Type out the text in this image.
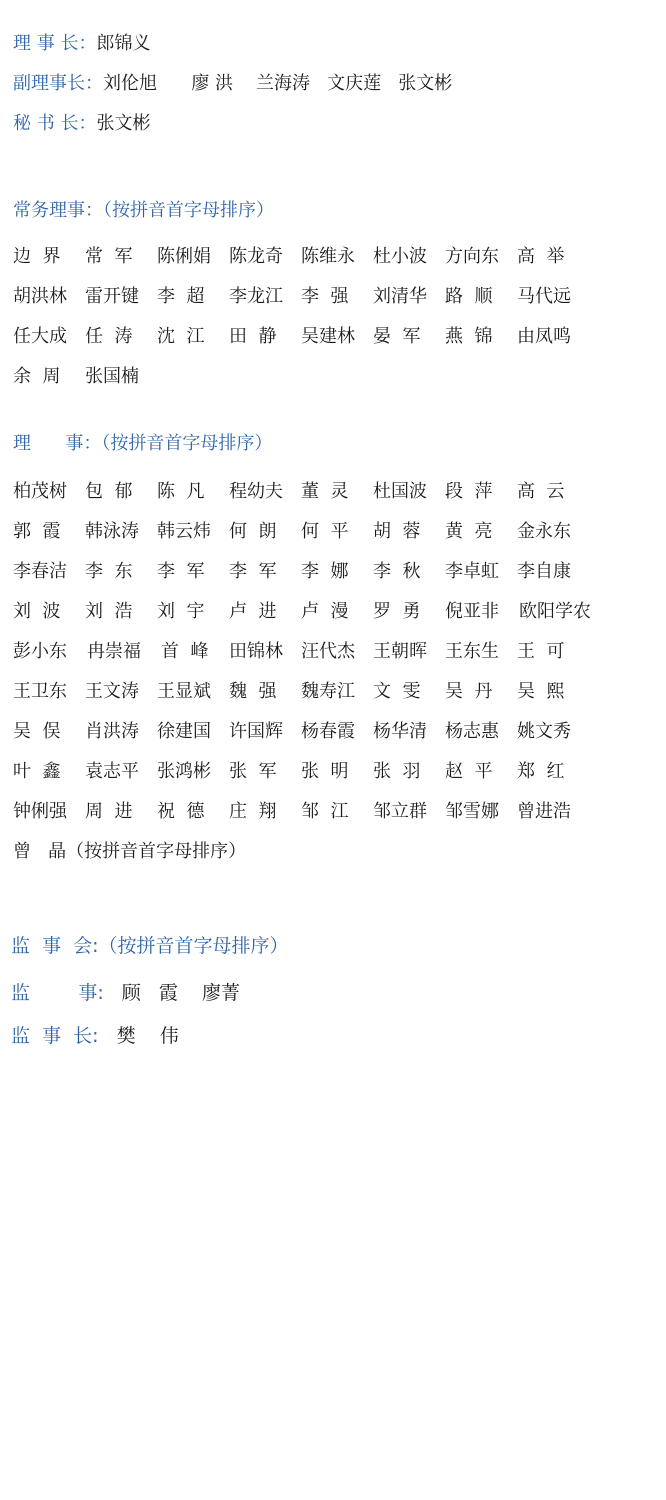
理 事 长：郎锦义
副理事长：刘伦旭      廖 洪    兰海涛   文庆莲   张文彬
秘 书 长：张文彬
常务理事：（按拼音首字母排序）
边  界 常  军 陈俐娟 陈龙奇 陈维永 杜小波 方向东 高  举
胡洪林 雷开键 李  超 李龙江 李  强 刘清华 路  顺 马代远
任大成 任  涛 沈  江 田  静 吴建林 晏  军 燕  锦 由凤鸣
余  周 张国楠
理      事：（按拼音首字母排序）
柏茂树 包  郁 陈  凡 程幼夫 董  灵 杜国波 段  萍 高  云
郭  霞 韩泳涛 韩云炜 何  朗 何  平 胡  蓉 黄  亮 金永东
李春洁 李  东 李  军 李  军 李  娜 李  秋 李卓虹 李自康
刘  波 刘  浩 刘  宇 卢  进 卢  漫 罗  勇 倪亚非 欧阳学农
彭小东 冉崇福 首  峰 田锦林 汪代杰 王朝晖 王东生 王  可
王卫东 王文涛 王显斌 魏  强 魏寿江 文  雯 吴  丹 吴  熙
吴  俣 肖洪涛 徐建国 许国辉 杨春霞 杨华清 杨志惠 姚文秀
叶  鑫 袁志平 张鸿彬 张  军 张  明 张  羽 赵  平 郑  红
钟俐强 周  进 祝  德 庄  翔 邹  江 邹立群 邹雪娜 曾进浩
曾   晶（按拼音首字母排序）
监  事  会:（按拼音首字母排序）
监        事: 顾   霞    廖菁
监  事  长: 樊    伟
